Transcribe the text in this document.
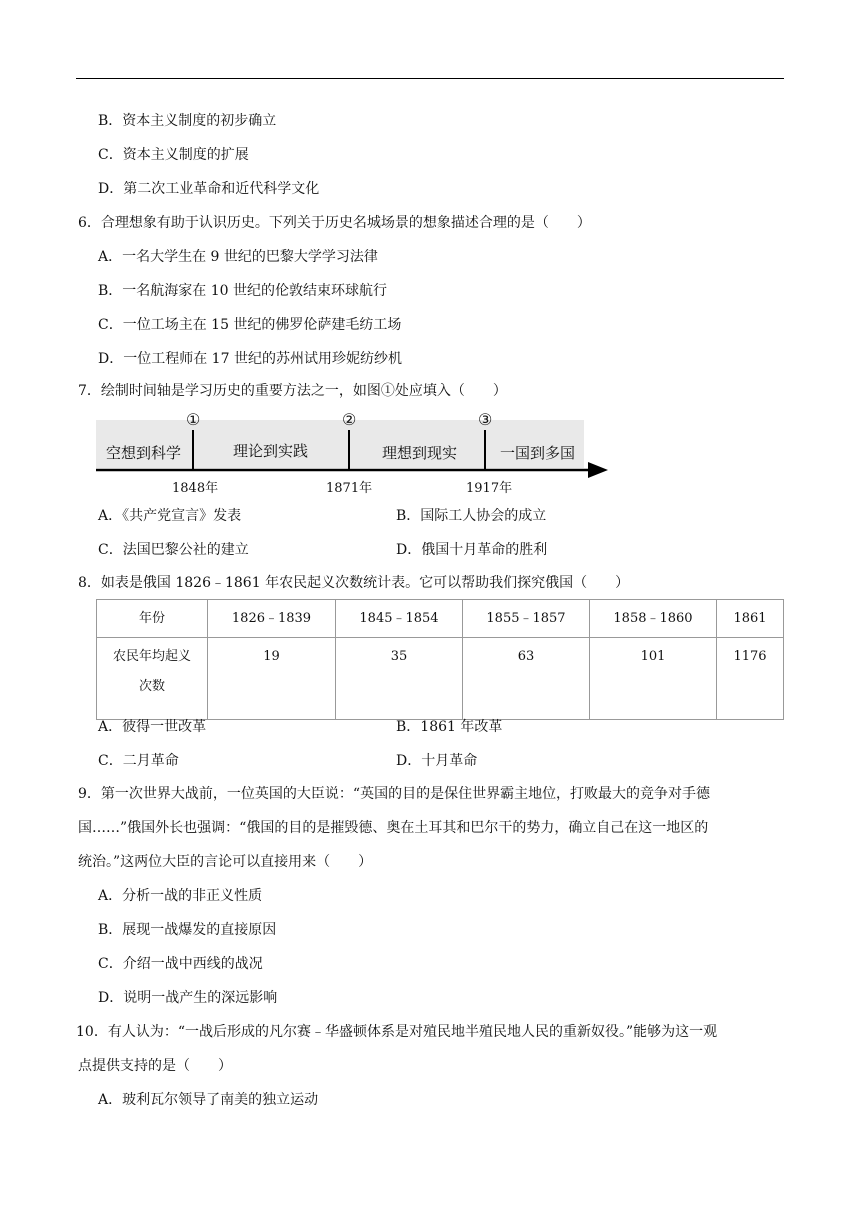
B．资本主义制度的初步确立
C．资本主义制度的扩展
D．第二次工业革命和近代科学文化
6．合理想象有助于认识历史。下列关于历史名城场景的想象描述合理的是（　　）
A．一名大学生在 9 世纪的巴黎大学学习法律
B．一名航海家在 10 世纪的伦敦结束环球航行
C．一位工场主在 15 世纪的佛罗伦萨建毛纺工场
D．一位工程师在 17 世纪的苏州试用珍妮纺纱机
7．绘制时间轴是学习历史的重要方法之一，如图①处应填入（　　）
①	②	③
空想到科学	理论到实践	理想到现实	一国到多国
1848年	1871年	1917年
A．《共产党宣言》发表	B．国际工人协会的成立
C．法国巴黎公社的建立	D．俄国十月革命的胜利
8．如表是俄国 1826﹣1861 年农民起义次数统计表。它可以帮助我们探究俄国（　　）
年份	1826﹣1839	1845﹣1854	1855﹣1857	1858﹣1860	1861
农民年均起义
次数	19	35	63	101	1176
A．彼得一世改革	B．1861 年改革
C．二月革命	D．十月革命
9．第一次世界大战前，一位英国的大臣说：“英国的目的是保住世界霸主地位，打败最大的竞争对手德
国……”俄国外长也强调：“俄国的目的是摧毁德、奥在土耳其和巴尔干的势力，确立自己在这一地区的
统治。”这两位大臣的言论可以直接用来（　　）
A．分析一战的非正义性质
B．展现一战爆发的直接原因
C．介绍一战中西线的战况
D．说明一战产生的深远影响
10．有人认为：“一战后形成的凡尔赛﹣华盛顿体系是对殖民地半殖民地人民的重新奴役。”能够为这一观
点提供支持的是（　　）
A．玻利瓦尔领导了南美的独立运动
